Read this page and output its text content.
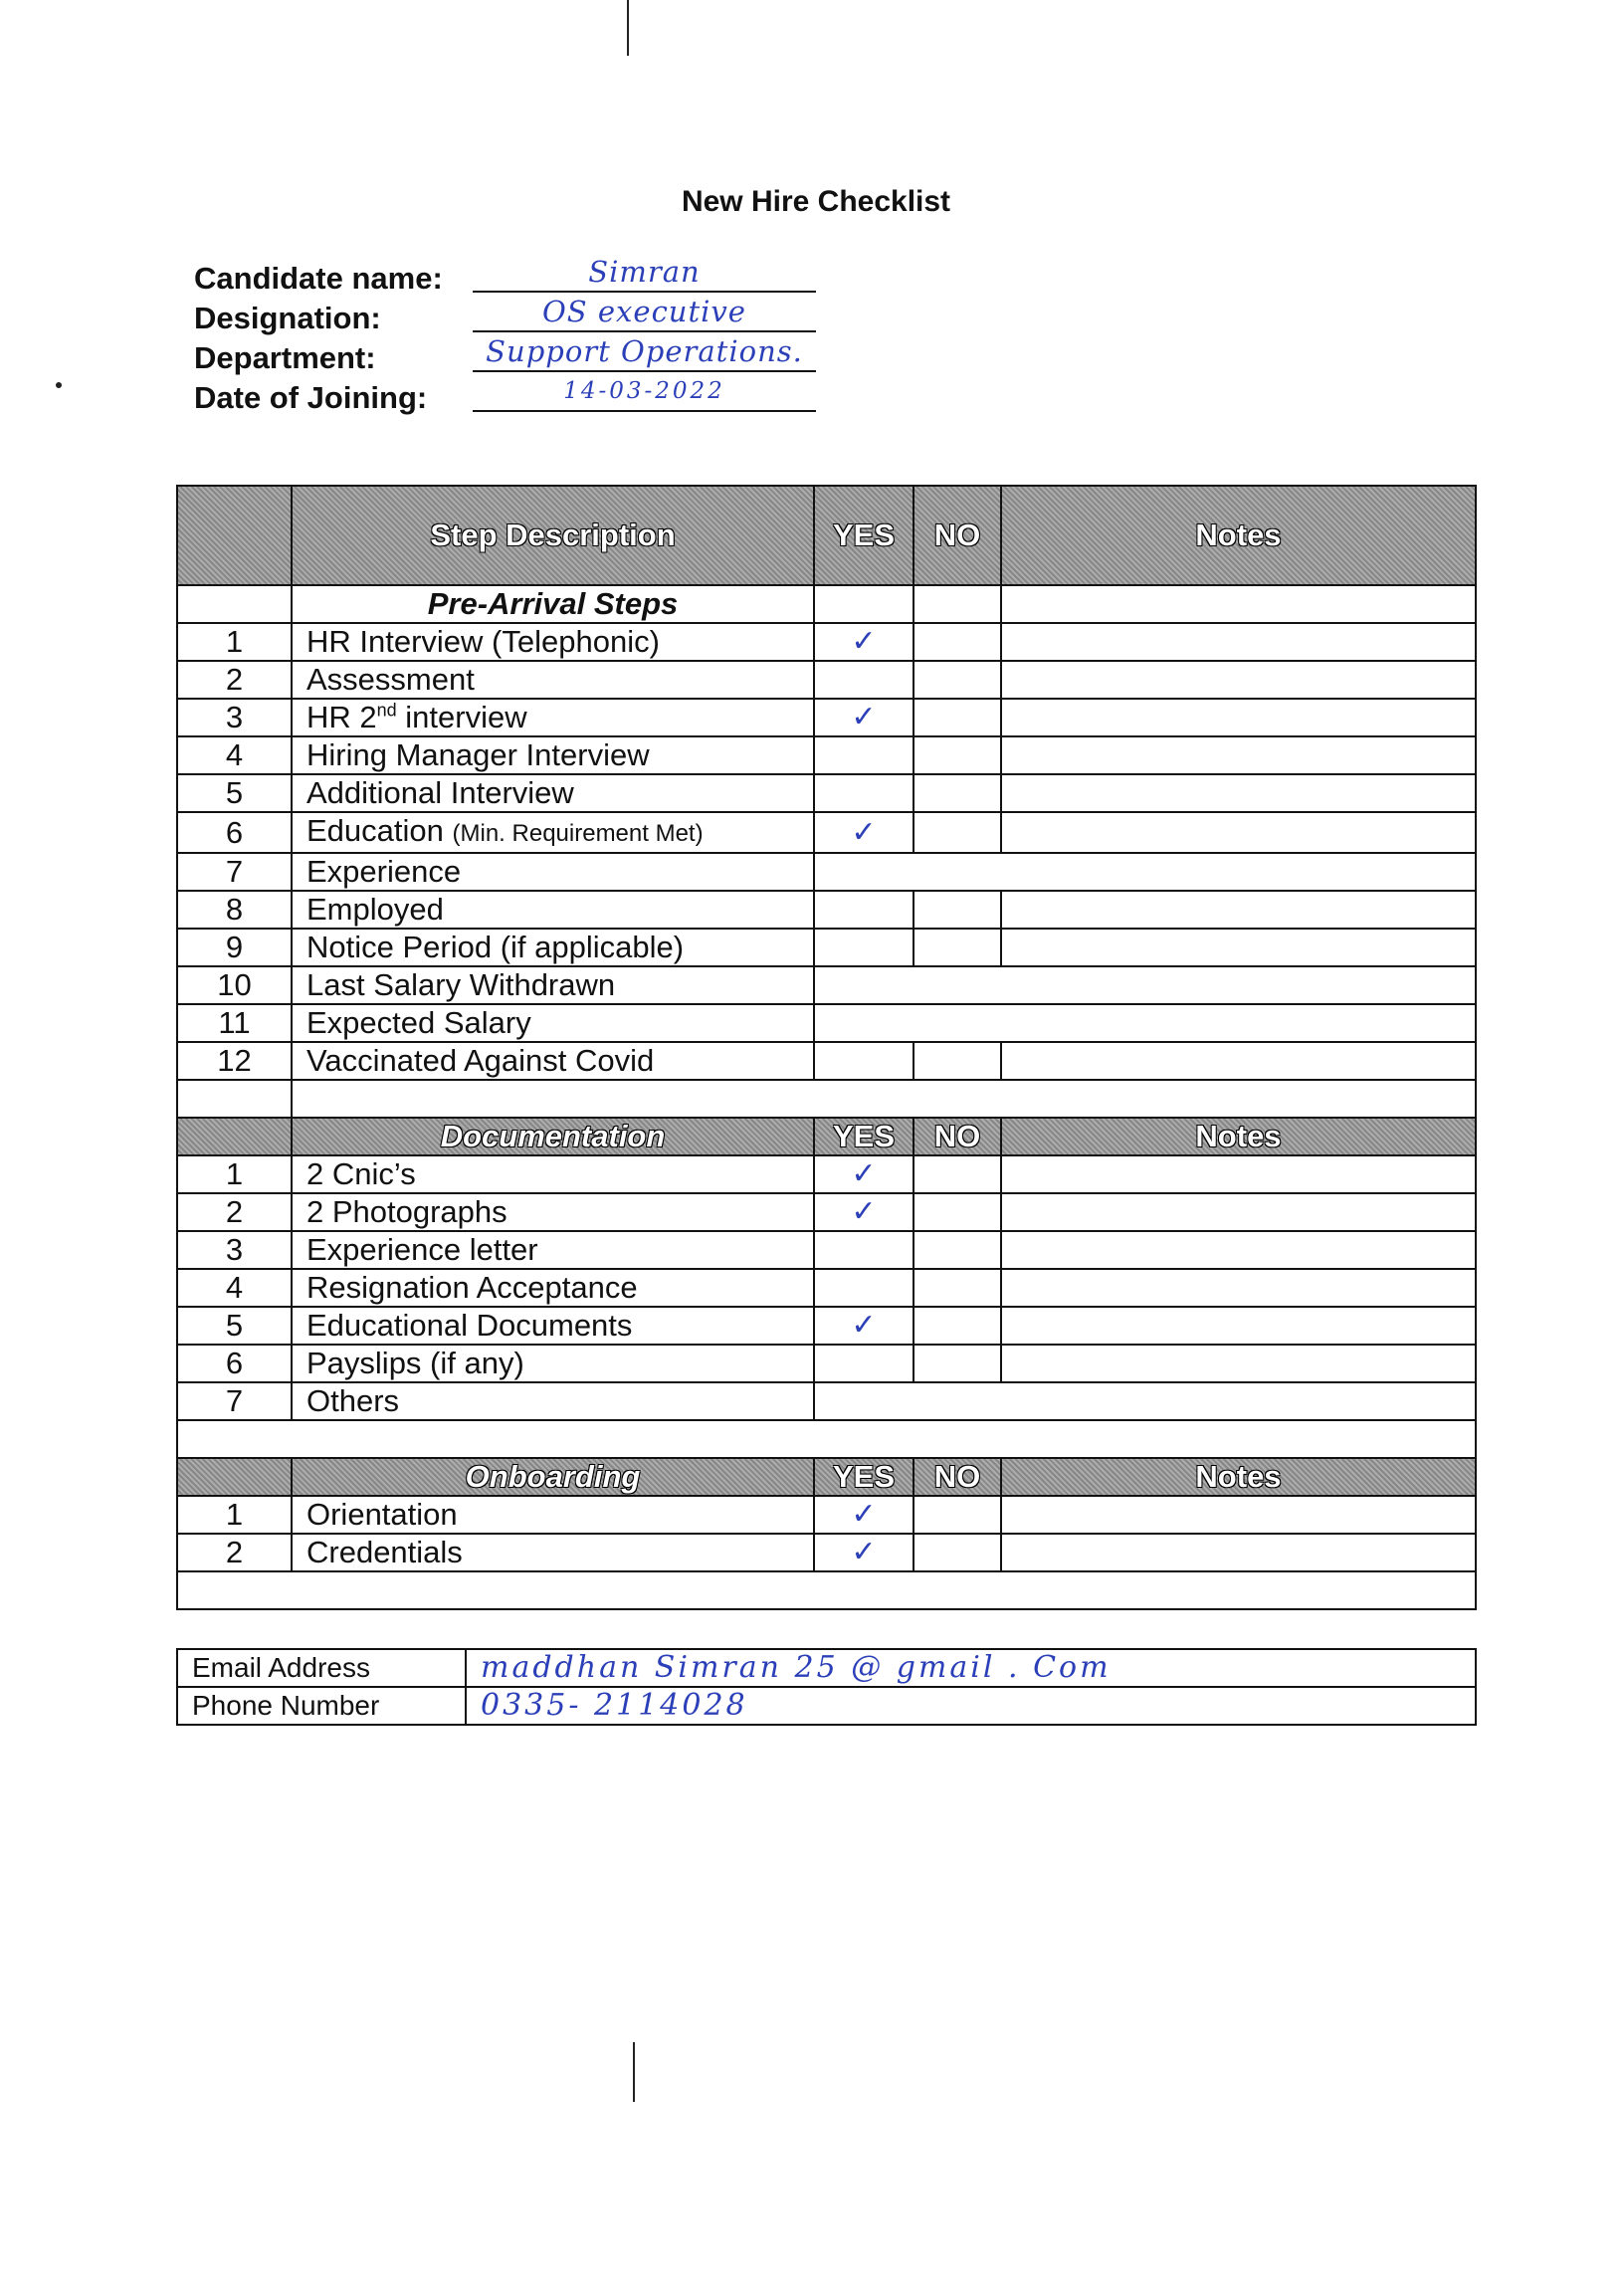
New Hire Checklist
Candidate name:	Simran
Designation:	OS executive
Department:	Support Operations.
Date of Joining:	14-03-2022
	Step Description	YES	NO	Notes
	Pre-Arrival Steps			
1	HR Interview (Telephonic)	✓		
2	Assessment			
3	HR 2nd interview	✓		
4	Hiring Manager Interview			
5	Additional Interview			
6	Education (Min. Requirement Met)	✓		
7	Experience			
8	Employed			
9	Notice Period (if applicable)			
10	Last Salary Withdrawn			
11	Expected Salary			
12	Vaccinated Against Covid			

	Documentation	YES	NO	Notes
1	2 Cnic’s	✓		
2	2 Photographs	✓		
3	Experience letter			
4	Resignation Acceptance			
5	Educational Documents	✓		
6	Payslips (if any)			
7	Others			

	Onboarding	YES	NO	Notes
1	Orientation	✓		
2	Credentials	✓		

Email Address	maddhan Simran 25 @ gmail . Com
Phone Number	0335- 2114028
